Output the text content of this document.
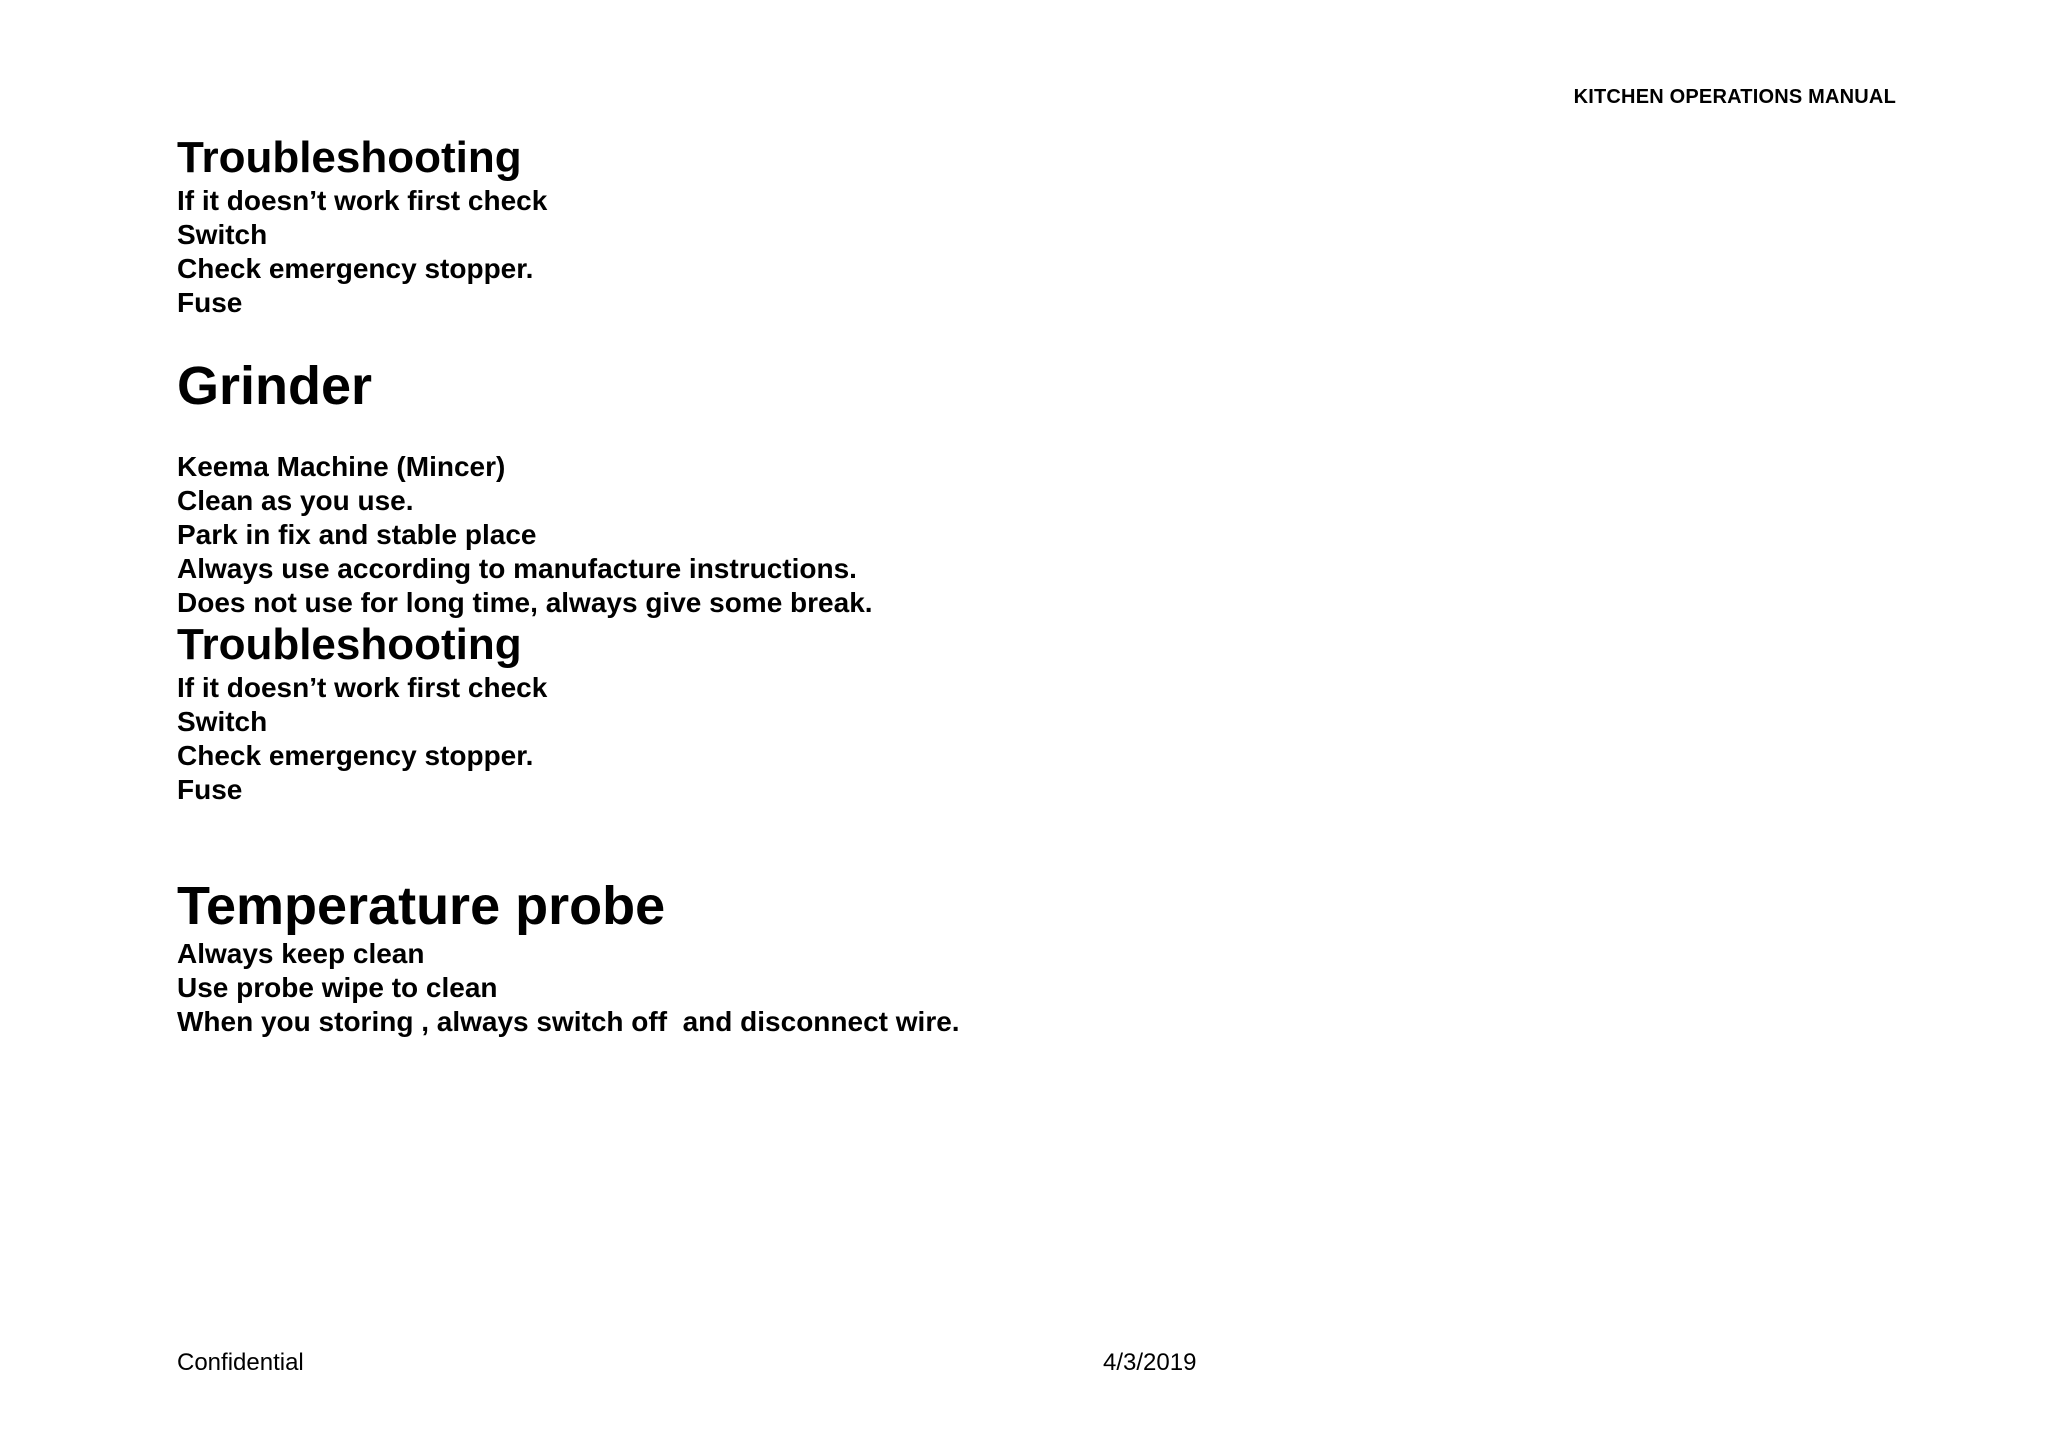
KITCHEN OPERATIONS MANUAL
Troubleshooting
If it doesn’t work first check
Switch
Check emergency stopper.
Fuse
Grinder
Keema Machine (Mincer)
Clean as you use.
Park in fix and stable place
Always use according to manufacture instructions.
Does not use for long time, always give some break.
Troubleshooting
If it doesn’t work first check
Switch
Check emergency stopper.
Fuse
Temperature probe
Always keep clean
Use probe wipe to clean
When you storing , always switch off  and disconnect wire.
Confidential	4/3/2019
